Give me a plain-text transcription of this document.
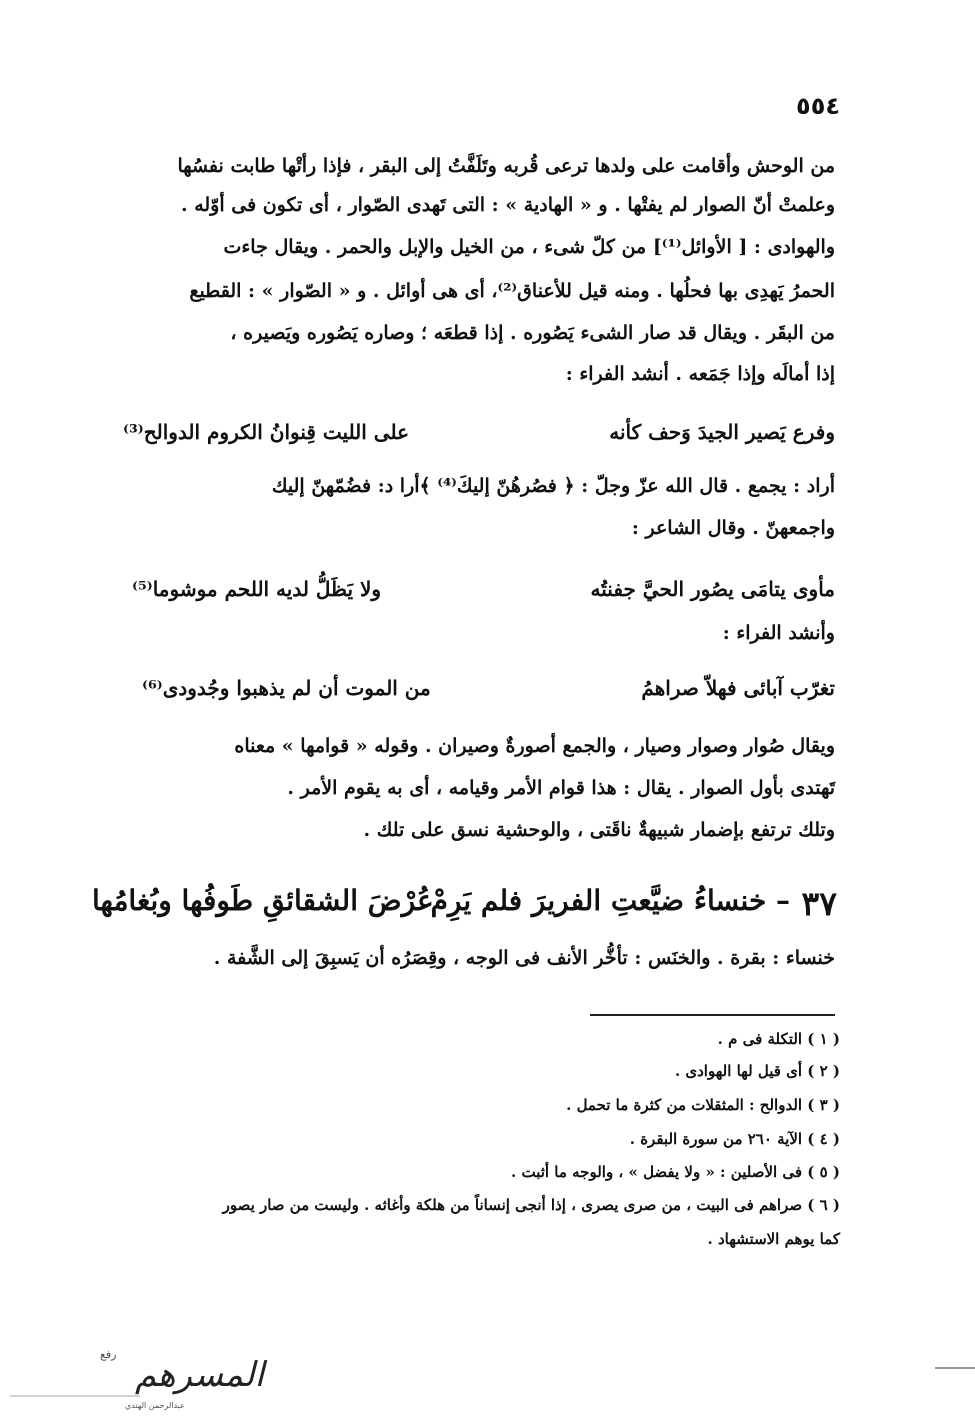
٥٥٤
من الوحش وأقامت على ولدها ترعى قُربه وتَلَفَّتُ إلى البقر ، فإذا رأتْها طابت نفسُها
وعلمتْ أنّ الصوار لم يفتْها . و « الهادية » : التى تَهدى الصّوار ، أى تكون فى أوّله .
والهوادى : [ الأوائل⁽¹⁾] من كلّ شىء ، من الخيل والإبل والحمر . ويقال جاءت
الحمرُ يَهدِى بها فحلُها . ومنه قيل للأعناق⁽²⁾، أى هى أوائل . و « الصّوار » : القطيع
من البقَر . ويقال قد صار الشىء يَصُوره . إذا قطعَه ؛ وصاره يَصُوره ويَصيره ،
إذا أمالَه وإذا جَمَعه . أنشد الفراء :
وفرع يَصير الجيدَ وَحف كأنه
على الليت قِنوانُ الكروم الدوالح⁽³⁾
أراد : يجمع . قال الله عزّ وجلّ : ﴿ فصُرهُنّ إليكَ⁽⁴⁾ ﴾أرا د: فضُمّهنّ إليك
واجمعهنّ . وقال الشاعر :
مأوى يتامَى يصُور الحيَّ جفنتُه
ولا يَظَلُّ لديه اللحم موشوما⁽⁵⁾
وأنشد الفراء :
تغرّب آبائى فهلاّ صراهمُ
من الموت أن لم يذهبوا وجُدودى⁽⁶⁾
ويقال صُوار وصوار وصيار ، والجمع أصورةٌ وصيران . وقوله « قوامها » معناه
تَهتدى بأول الصوار . يقال : هذا قوام الأمر وقيامه ، أى به يقوم الأمر .
وتلك ترتفع بإضمار شبيهةٌ ناقَتى ، والوحشية نسق على تلك .
٣٧
– خنساءُ ضيَّعتِ الفريرَ فلم يَرِمْ
عُرْضَ الشقائقِ طَوفُها وبُغامُها
خنساء : بقرة . والخنَس : تأخُّر الأنف فى الوجه ، وقِصَرُه أن يَسبِقَ إلى الشَّفة .
( ١ ) التكلة فى م .
( ٢ ) أى قيل لها الهوادى .
( ٣ ) الدوالح : المثقلات من كثرة ما تحمل .
( ٤ ) الآية ٢٦٠ من سورة البقرة .
( ٥ ) فى الأصلين : « ولا يفضل » ، والوجه ما أثبت .
( ٦ ) صراهم فى البيت ، من صرى يصرى ، إذا أنجى إنساناً من هلكة وأغاثه . وليست من صار يصور
كما يوهم الاستشهاد .
المسرهم
رفع
عبدالرحمن الهندي
